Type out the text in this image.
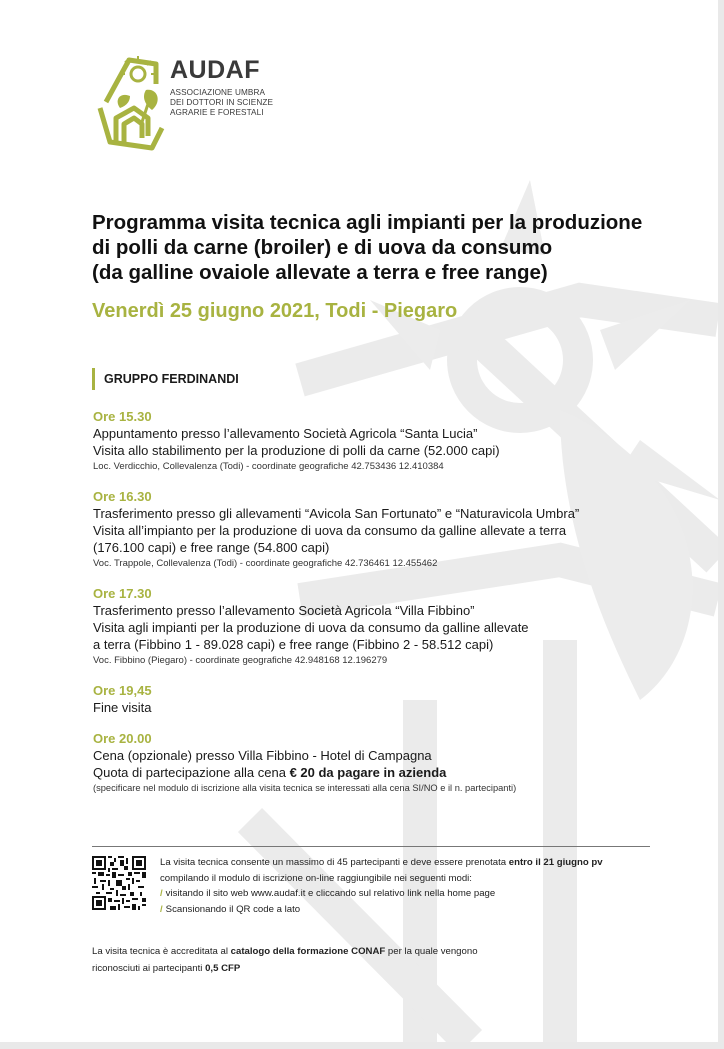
AUDAF
ASSOCIAZIONE UMBRA
DEI DOTTORI IN SCIENZE
AGRARIE E FORESTALI
Programma visita tecnica agli impianti per la produzione
di polli da carne (broiler) e di uova da consumo
(da galline ovaiole allevate a terra e free range)
Venerdì 25 giugno 2021, Todi - Piegaro
GRUPPO FERDINANDI
Ore 15.30
Appuntamento presso l’allevamento Società Agricola “Santa Lucia”
Visita allo stabilimento per la produzione di polli da carne (52.000 capi)
Loc. Verdicchio, Collevalenza (Todi) - coordinate geografiche 42.753436 12.410384
Ore 16.30
Trasferimento presso gli allevamenti “Avicola San Fortunato” e “Naturavicola Umbra”
Visita all’impianto per la produzione di uova da consumo da galline allevate a terra
(176.100 capi) e free range (54.800 capi)
Voc. Trappole, Collevalenza (Todi) - coordinate geografiche 42.736461 12.455462
Ore 17.30
Trasferimento presso l’allevamento Società Agricola “Villa Fibbino”
Visita agli impianti per la produzione di uova da consumo da galline allevate
a terra (Fibbino 1 - 89.028 capi) e free range (Fibbino 2 - 58.512 capi)
Voc. Fibbino (Piegaro) - coordinate geografiche 42.948168 12.196279
Ore 19,45
Fine visita
Ore 20.00
Cena (opzionale) presso Villa Fibbino - Hotel di Campagna
Quota di partecipazione alla cena € 20 da pagare in azienda
(specificare nel modulo di iscrizione alla visita tecnica se interessati alla cena SI/NO e il n. partecipanti)
La visita tecnica consente un massimo di 45 partecipanti e deve essere prenotata entro il 21 giugno pv
compilando il modulo di iscrizione on-line raggiungibile nei seguenti modi:
/ visitando il sito web www.audaf.it e cliccando sul relativo link nella home page
/ Scansionando il QR code a lato
La visita tecnica è accreditata al catalogo della formazione CONAF per la quale vengono
riconosciuti ai partecipanti 0,5 CFP
